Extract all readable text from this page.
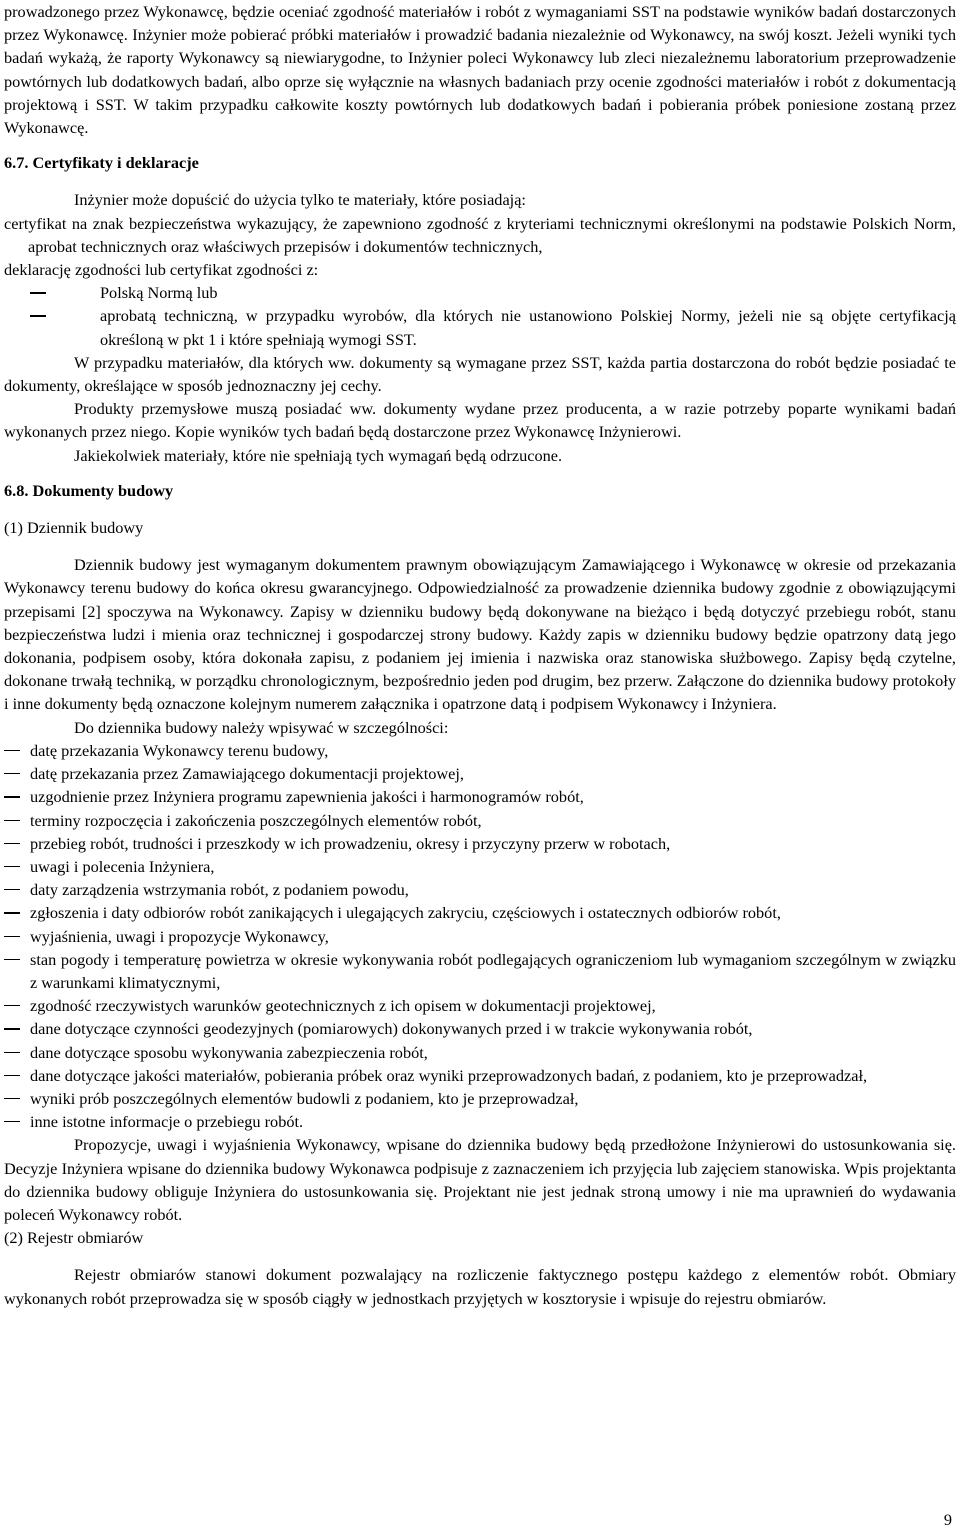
prowadzonego przez Wykonawcę, będzie oceniać zgodność materiałów i robót z wymaganiami SST na podstawie wyników badań dostarczonych przez Wykonawcę. Inżynier może pobierać próbki materiałów i prowadzić badania niezależnie od Wykonawcy, na swój koszt. Jeżeli wyniki tych badań wykażą, że raporty Wykonawcy są niewiarygodne, to Inżynier poleci Wykonawcy lub zleci niezależnemu laboratorium przeprowadzenie powtórnych lub dodatkowych badań, albo oprze się wyłącznie na własnych badaniach przy ocenie zgodności materiałów i robót z dokumentacją projektową i SST. W takim przypadku całkowite koszty powtórnych lub dodatkowych badań i pobierania próbek poniesione zostaną przez Wykonawcę.

6.7. Certyfikaty i deklaracje

Inżynier może dopuścić do użycia tylko te materiały, które posiadają:

certyfikat na znak bezpieczeństwa wykazujący, że zapewniono zgodność z kryteriami technicznymi określonymi na podstawie Polskich Norm, aprobat technicznych oraz właściwych przepisów i dokumentów technicznych,

deklarację zgodności lub certyfikat zgodności z:

Polską Normą lub
aprobatą techniczną, w przypadku wyrobów, dla których nie ustanowiono Polskiej Normy, jeżeli nie są objęte certyfikacją określoną w pkt 1 i które spełniają wymogi SST.

W przypadku materiałów, dla których ww. dokumenty są wymagane przez SST, każda partia dostarczona do robót będzie posiadać te dokumenty, określające w sposób jednoznaczny jej cechy.

Produkty przemysłowe muszą posiadać ww. dokumenty wydane przez producenta, a w razie potrzeby poparte wynikami badań wykonanych przez niego. Kopie wyników tych badań będą dostarczone przez Wykonawcę Inżynierowi.

Jakiekolwiek materiały, które nie spełniają tych wymagań będą odrzucone.

6.8. Dokumenty budowy

(1) Dziennik budowy

Dziennik budowy jest wymaganym dokumentem prawnym obowiązującym Zamawiającego i Wykonawcę w okresie od przekazania Wykonawcy terenu budowy do końca okresu gwarancyjnego. Odpowiedzialność za prowadzenie dziennika budowy zgodnie z obowiązującymi przepisami [2] spoczywa na Wykonawcy. Zapisy w dzienniku budowy będą dokonywane na bieżąco i będą dotyczyć przebiegu robót, stanu bezpieczeństwa ludzi i mienia oraz technicznej i gospodarczej strony budowy. Każdy zapis w dzienniku budowy będzie opatrzony datą jego dokonania, podpisem osoby, która dokonała zapisu, z podaniem jej imienia i nazwiska oraz stanowiska służbowego. Zapisy będą czytelne, dokonane trwałą techniką, w porządku chronologicznym, bezpośrednio jeden pod drugim, bez przerw. Załączone do dziennika budowy protokoły i inne dokumenty będą oznaczone kolejnym numerem załącznika i opatrzone datą i podpisem Wykonawcy i Inżyniera.

Do dziennika budowy należy wpisywać w szczególności:

datę przekazania Wykonawcy terenu budowy,
datę przekazania przez Zamawiającego dokumentacji projektowej,
uzgodnienie przez Inżyniera programu zapewnienia jakości i harmonogramów robót,
terminy rozpoczęcia i zakończenia poszczególnych elementów robót,
przebieg robót, trudności i przeszkody w ich prowadzeniu, okresy i przyczyny przerw w robotach,
uwagi i polecenia Inżyniera,
daty zarządzenia wstrzymania robót, z podaniem powodu,
zgłoszenia i daty odbiorów robót zanikających i ulegających zakryciu, częściowych i ostatecznych odbiorów robót,
wyjaśnienia, uwagi i propozycje Wykonawcy,
stan pogody i temperaturę powietrza w okresie wykonywania robót podlegających ograniczeniom lub wymaganiom szczególnym w związku z warunkami klimatycznymi,
zgodność rzeczywistych warunków geotechnicznych z ich opisem w dokumentacji projektowej,
dane dotyczące czynności geodezyjnych (pomiarowych) dokonywanych przed i w trakcie wykonywania robót,
dane dotyczące sposobu wykonywania zabezpieczenia robót,
dane dotyczące jakości materiałów, pobierania próbek oraz wyniki przeprowadzonych badań, z podaniem, kto je przeprowadzał,
wyniki prób poszczególnych elementów budowli z podaniem, kto je przeprowadzał,
inne istotne informacje o przebiegu robót.

Propozycje, uwagi i wyjaśnienia Wykonawcy, wpisane do dziennika budowy będą przedłożone Inżynierowi do ustosunkowania się. Decyzje Inżyniera wpisane do dziennika budowy Wykonawca podpisuje z zaznaczeniem ich przyjęcia lub zajęciem stanowiska. Wpis projektanta do dziennika budowy obliguje Inżyniera do ustosunkowania się. Projektant nie jest jednak stroną umowy i nie ma uprawnień do wydawania poleceń Wykonawcy robót.

(2) Rejestr obmiarów

Rejestr obmiarów stanowi dokument pozwalający na rozliczenie faktycznego postępu każdego z elementów robót. Obmiary wykonanych robót przeprowadza się w sposób ciągły w jednostkach przyjętych w kosztorysie i wpisuje do rejestru obmiarów.

9
